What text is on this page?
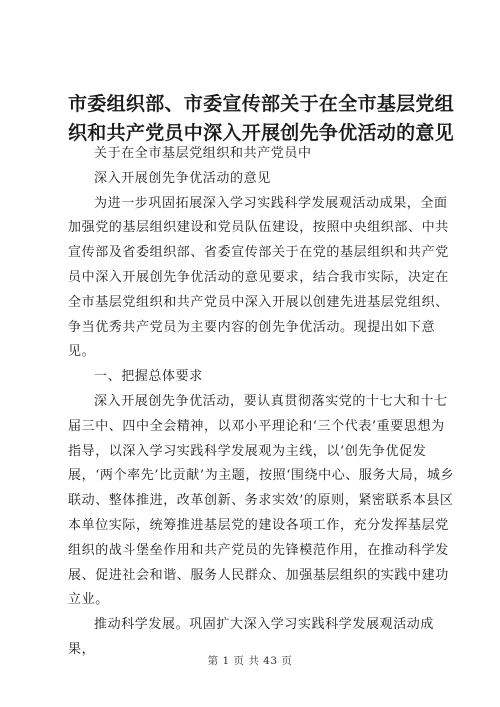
市委组织部、市委宣传部关于在全市基层党组织和共产党员中深入开展创先争优活动的意见

关于在全市基层党组织和共产党员中

深入开展创先争优活动的意见

为进一步巩固拓展深入学习实践科学发展观活动成果，全面加强党的基层组织建设和党员队伍建设，按照中央组织部、中共宣传部及省委组织部、省委宣传部关于在党的基层组织和共产党员中深入开展创先争优活动的意见要求，结合我市实际，决定在全市基层党组织和共产党员中深入开展以创建先进基层党组织、争当优秀共产党员为主要内容的创先争优活动。现提出如下意见。

一、把握总体要求

深入开展创先争优活动，要认真贯彻落实党的十七大和十七届三中、四中全会精神，以邓小平理论和‘三个代表’重要思想为指导，以深入学习实践科学发展观为主线，以‘创先争优促发展，‘两个率先’比贡献’为主题，按照‘围绕中心、服务大局，城乡联动、整体推进，改革创新、务求实效’的原则，紧密联系本县区本单位实际，统筹推进基层党的建设各项工作，充分发挥基层党组织的战斗堡垒作用和共产党员的先锋模范作用，在推动科学发展、促进社会和谐、服务人民群众、加强基层组织的实践中建功立业。

推动科学发展。巩固扩大深入学习实践科学发展观活动成果，

第 1 页 共 43 页
